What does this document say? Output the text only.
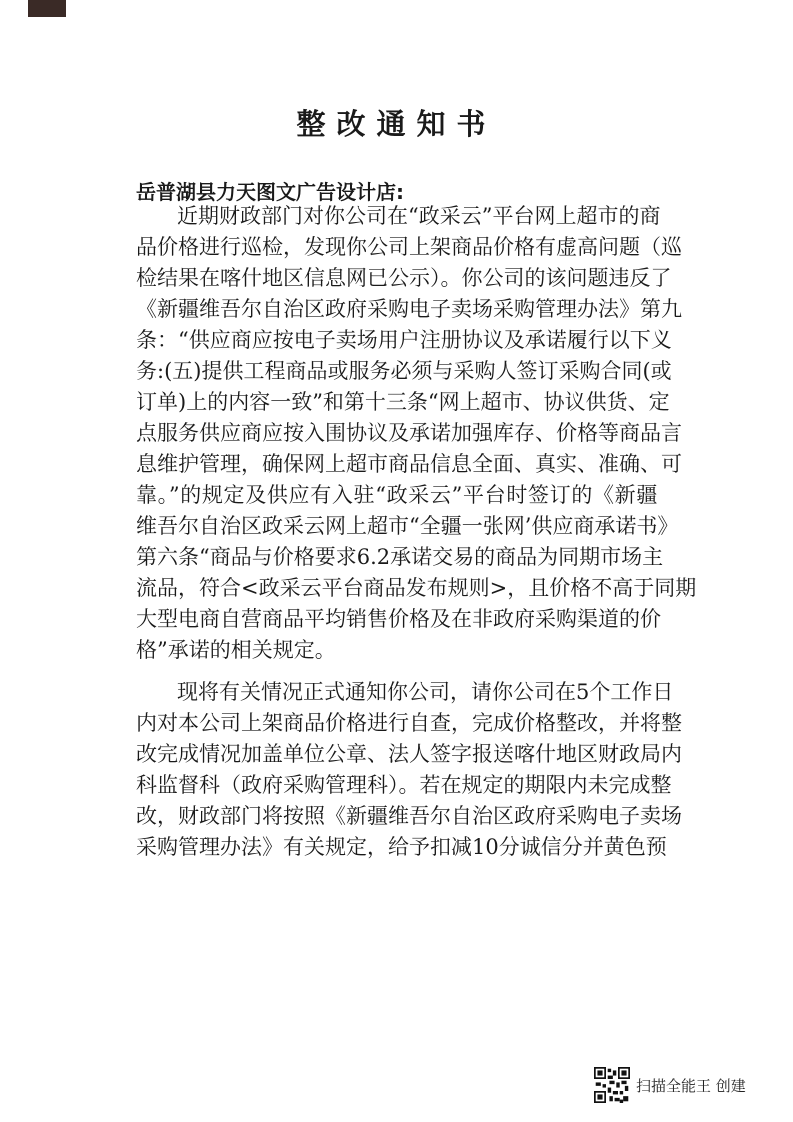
整改通知书
岳普湖县力天图文广告设计店:
近期财政部门对你公司在“政采云”平台网上超市的商
品价格进行巡检，发现你公司上架商品价格有虚高问题（巡
检结果在喀什地区信息网已公示）。你公司的该问题违反了
《新疆维吾尔自治区政府采购电子卖场采购管理办法》第九
条：“供应商应按电子卖场用户注册协议及承诺履行以下义
务:(五)提供工程商品或服务必须与采购人签订采购合同(或
订单)上的内容一致”和第十三条“网上超市、协议供货、定
点服务供应商应按入围协议及承诺加强库存、价格等商品言
息维护管理，确保网上超市商品信息全面、真实、准确、可
靠。”的规定及供应有入驻“政采云”平台时签订的《新疆
维吾尔自治区政采云网上超市“全疆一张网’供应商承诺书》
第六条“商品与价格要求6.2承诺交易的商品为同期市场主
流品，符合<政采云平台商品发布规则>，且价格不高于同期
大型电商自营商品平均销售价格及在非政府采购渠道的价
格”承诺的相关规定。
现将有关情况正式通知你公司，请你公司在5个工作日
内对本公司上架商品价格进行自查，完成价格整改，并将整
改完成情况加盖单位公章、法人签字报送喀什地区财政局内
科监督科（政府采购管理科）。若在规定的期限内未完成整
改，财政部门将按照《新疆维吾尔自治区政府采购电子卖场
采购管理办法》有关规定，给予扣减10分诚信分并黄色预
扫描全能王 创建
